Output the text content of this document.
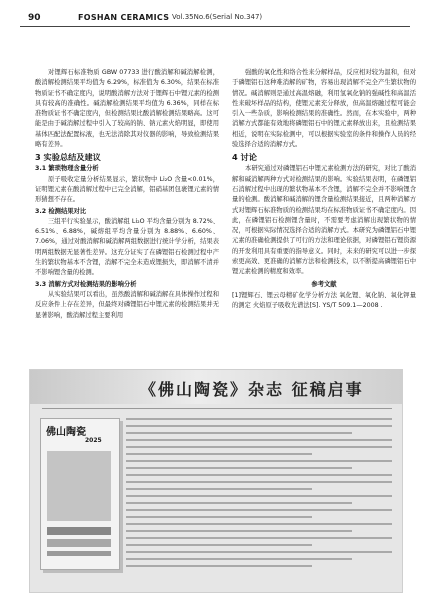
90	FOSHAN CERAMICS Vol.35No.6(Serial No.347)

对锂辉石标准物质 GBW 07733 进行酸消解和碱消解检测，酸消解检测结果平均值为 6.29%，标准值为 6.30%，结果在标准物质证书不确定度内，说明酸消解方法对于锂辉石中锂元素的检测具有较高的准确性。碱消解检测结果平均值为 6.36%，同样在标准物质证书不确定度内，但检测结果比酸消解检测结果略高。这可能是由于碱消解过程中引入了较高的钠、钠元素火焰明显，即使用基体匹配法配置标液，也无法消除其对仪器的影响，导致检测结果略有差异。

3 实验总结及建议
3.1 繁琐物理含量分析

原子吸收定量分析结果显示，繁状物中 Li₂O 含量<0.01%，证明锂元素在酸消解过程中已完全消解，铝硝基团包裹锂元素的情形猜想不存在。

3.2 检测结果对比

三组平行实验显示，酸消解组 Li₂O 平均含量分别为 8.72%、6.51%、6.88%，碱熔组平均含量分别为 8.88%、6.60%、7.06%，通过对酸消解和碱消解两组数据进行统计学分析，结果表明两组数据无显著性差异。这充分证实了在磷锂铝石检测过程中产生的繁状物基本不含锂，消解不完全未造成锂损失，即消解不清并不影响锂含量的检测。

3.3 消解方式对检测结果的影响分析

从实验结果可以看出，虽然酸消解和碱消解在具体操作过程和反应条件上存在差异，但最终对磷锂铝石中锂元素的检测结果并无显著影响，酸消解过程主要利用

强酸的氧化性和络合性来分解样品，反应相对较为温和，但对于磷锂铝石这种难消解的矿物，容易出现消解不完全产生繁状物的情况。碱消解则是通过高温熔融，利用氢氧化钠的强碱性和高温活性来破坏样品的结构，使锂元素充分释放，但高温熔融过程可能会引入一些杂质，影响检测结果的准确性。然而，在本实验中，两种消解方式都能有效地将磷锂铝石中的锂元素释放出来，且检测结果相近，说明在实际检测中，可以根据实验室的条件和操作人员的经验选择合适的消解方式。

4 讨论

本研究通过对磷锂铝石中锂元素检测方法的研究，对比了酸消解和碱消解两种方式对检测结果的影响。实验结果表明，在磷锂铝石消解过程中出现的繁状物基本不含锂，消解不完全并不影响锂含量的检测。酸消解和碱消解的锂含量检测结果接近，且两种消解方式对锂辉石标准物质的检测结果均在标准物质证书不确定度内。因此，在磷锂铝石检测锂含量时，不需要考虑消解出现繁状物的情况，可根据实际情况选择合适的消解方式。本研究为磷锂铝石中锂元素的准确检测提供了可行的方法和理论依据，对磷锂铝石锂资源的开发利用具有重要的指导意义。同时，未来的研究可以进一步探索更高效、更准确的消解方法和检测技术，以不断提高磷锂铝石中锂元素检测的精度和效率。

参考文献

[1]锂辉石、锂云母精矿化学分析方法 氧化锂、氧化钠、氧化钾量的测定 火焰原子吸收光谱法[S]. YS/T 509.1—2008 .

《佛山陶瓷》杂志 征稿启事
佛山陶瓷
2025
